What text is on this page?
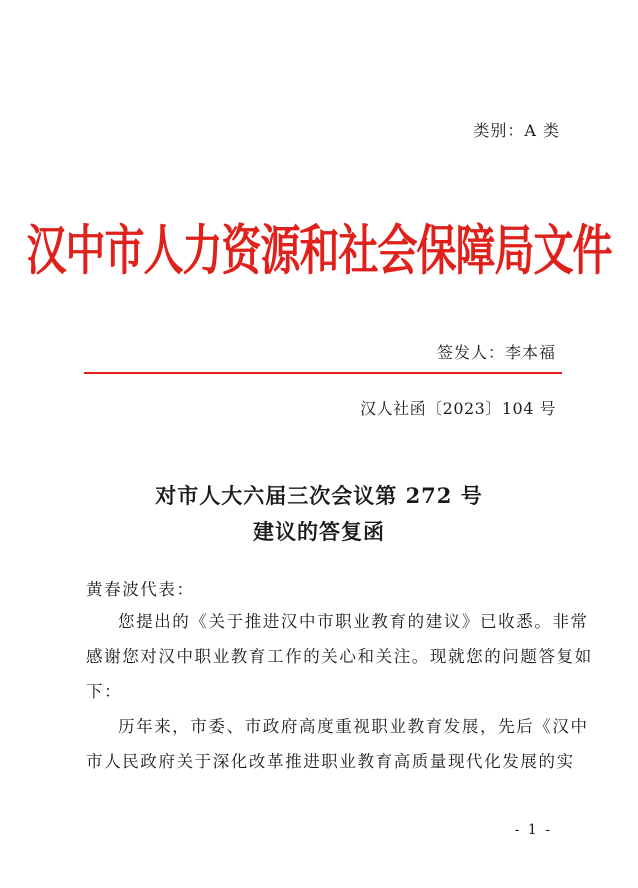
类别：A 类
汉中市人力资源和社会保障局文件
签发人：李本福
汉人社函〔2023〕104 号
对市人大六届三次会议第 272 号
建议的答复函
黄春波代表：
您提出的《关于推进汉中市职业教育的建议》已收悉。非常
感谢您对汉中职业教育工作的关心和关注。现就您的问题答复如
下：
历年来，市委、市政府高度重视职业教育发展，先后《汉中
市人民政府关于深化改革推进职业教育高质量现代化发展的实
- 1 -
